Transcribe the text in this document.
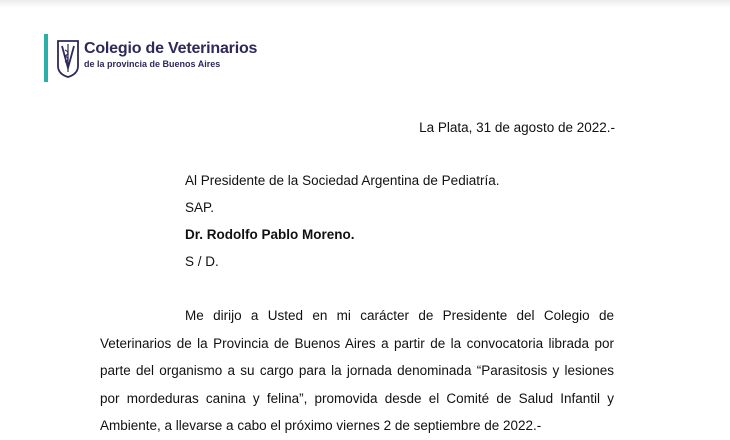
Colegio de Veterinarios
de la provincia de Buenos Aires
La Plata, 31 de agosto de 2022.-
Al Presidente de la Sociedad Argentina de Pediatría.
SAP.
Dr. Rodolfo Pablo Moreno.
S / D.

Me dirijo a Usted en mi carácter de Presidente del Colegio de Veterinarios de la Provincia de Buenos Aires a partir de la convocatoria librada por parte del organismo a su cargo para la jornada denominada “Parasitosis y lesiones por mordeduras canina y felina”, promovida desde el Comité de Salud Infantil y Ambiente, a llevarse a cabo el próximo viernes 2 de septiembre de 2022.-
